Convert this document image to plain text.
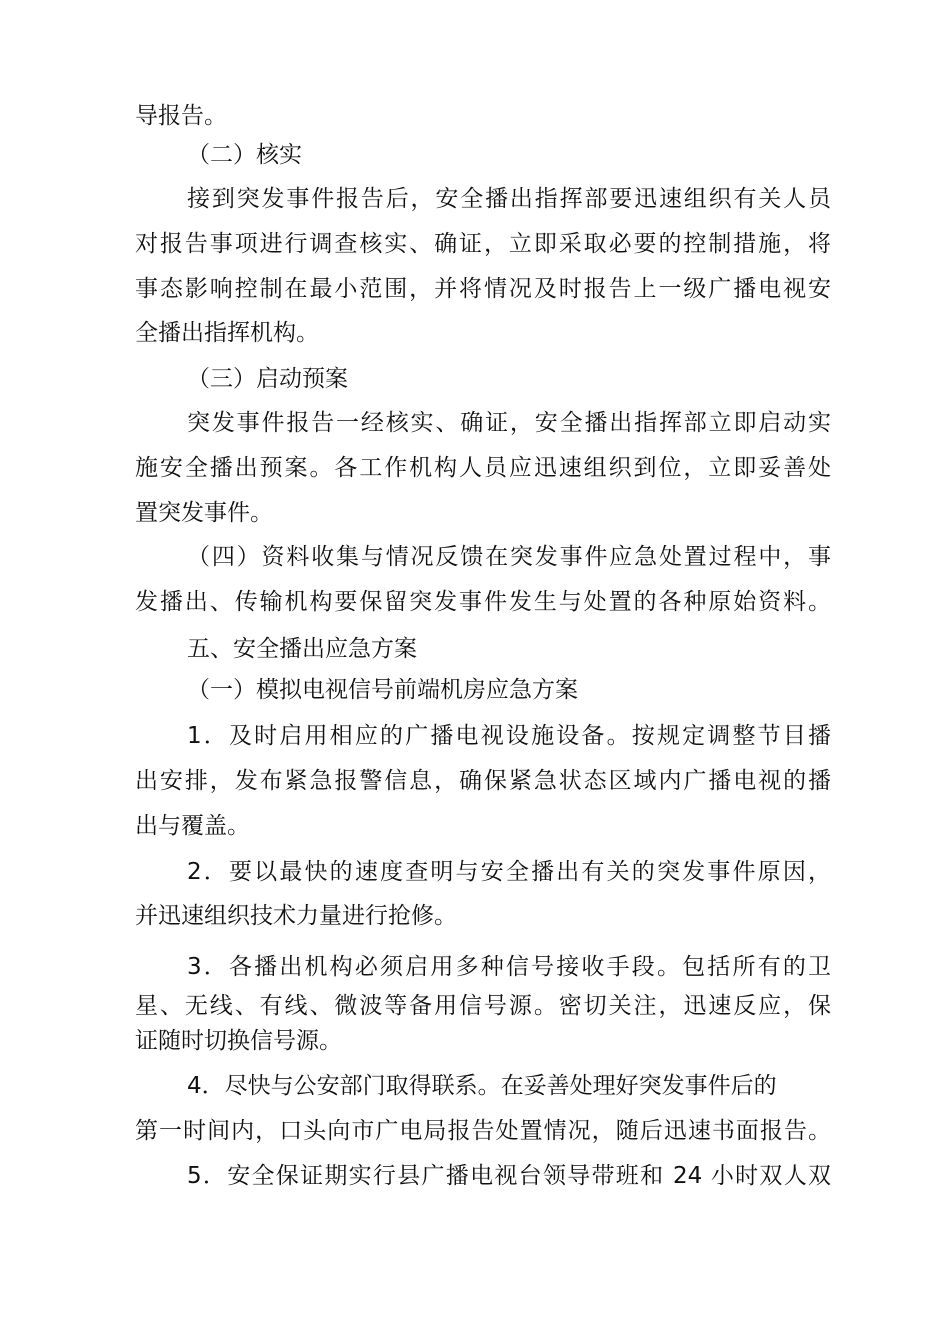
导报告。
（二）核实
接到突发事件报告后，安全播出指挥部要迅速组织有关人员
对报告事项进行调查核实、确证，立即采取必要的控制措施，将
事态影响控制在最小范围，并将情况及时报告上一级广播电视安
全播出指挥机构。
（三）启动预案
突发事件报告一经核实、确证，安全播出指挥部立即启动实
施安全播出预案。各工作机构人员应迅速组织到位，立即妥善处
置突发事件。
（四）资料收集与情况反馈在突发事件应急处置过程中，事
发播出、传输机构要保留突发事件发生与处置的各种原始资料。
五、安全播出应急方案
（一）模拟电视信号前端机房应急方案
1．及时启用相应的广播电视设施设备。按规定调整节目播
出安排，发布紧急报警信息，确保紧急状态区域内广播电视的播
出与覆盖。
2．要以最快的速度查明与安全播出有关的突发事件原因，
并迅速组织技术力量进行抢修。
3．各播出机构必须启用多种信号接收手段。包括所有的卫
星、无线、有线、微波等备用信号源。密切关注，迅速反应，保
证随时切换信号源。
4．尽快与公安部门取得联系。在妥善处理好突发事件后的
第一时间内，口头向市广电局报告处置情况，随后迅速书面报告。
5．安全保证期实行县广播电视台领导带班和 24 小时双人双
